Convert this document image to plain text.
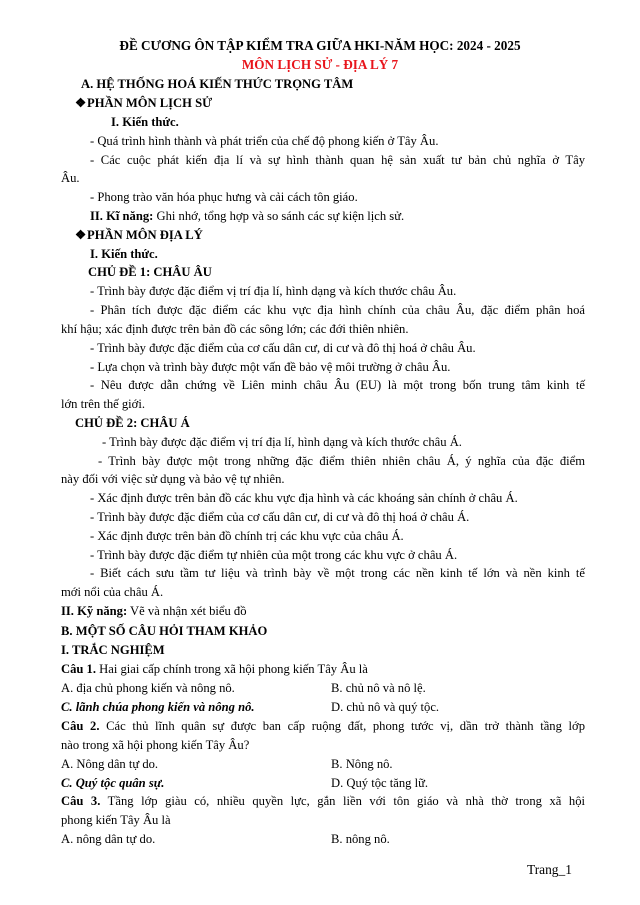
ĐỀ CƯƠNG ÔN TẬP KIỂM TRA GIỮA HKI-NĂM HỌC: 2024 - 2025
MÔN LỊCH SỬ - ĐỊA LÝ 7
A. HỆ THỐNG HOÁ KIẾN THỨC TRỌNG TÂM
❖PHẦN MÔN LỊCH SỬ
I. Kiến thức.
- Quá trình hình thành và phát triển của chế độ phong kiến ở Tây Âu.
- Các cuộc phát kiến địa lí và sự hình thành quan hệ sản xuất tư bản chủ nghĩa ở Tây
Âu.
- Phong trào văn hóa phục hưng và cải cách tôn giáo.
II. Kĩ năng: Ghi nhớ, tổng hợp và so sánh các sự kiện lịch sử.
❖PHẦN MÔN ĐỊA LÝ
I. Kiến thức.
CHỦ ĐỀ 1: CHÂU ÂU
- Trình bày được đặc điểm vị trí địa lí, hình dạng và kích thước châu Âu.
- Phân tích được đặc điểm các khu vực địa hình chính của châu Âu, đặc điểm phân hoá
khí hậu; xác định được trên bản đồ các sông lớn; các đới thiên nhiên.
- Trình bày được đặc điểm của cơ cấu dân cư, di cư và đô thị hoá ở châu Âu.
- Lựa chọn và trình bày được một vấn đề bảo vệ môi trường ở châu Âu.
- Nêu được dẫn chứng về Liên minh châu Âu (EU) là một trong bốn trung tâm kinh tế
lớn trên thế giới.
CHỦ ĐỀ 2: CHÂU Á
- Trình bày được đặc điểm vị trí địa lí, hình dạng và kích thước châu Á.
- Trình bày được một trong những đặc điểm thiên nhiên châu Á, ý nghĩa của đặc điểm
này đối với việc sử dụng và bảo vệ tự nhiên.
- Xác định được trên bản đồ các khu vực địa hình và các khoáng sản chính ở châu Á.
- Trình bày được đặc điểm của cơ cấu dân cư, di cư và đô thị hoá ở châu Á.
- Xác định được trên bản đồ chính trị các khu vực của châu Á.
- Trình bày được đặc điểm tự nhiên của một trong các khu vực ở châu Á.
- Biết cách sưu tầm tư liệu và trình bày về một trong các nền kinh tế lớn và nền kinh tế
mới nổi của châu Á.
II. Kỹ năng: Vẽ và nhận xét biểu đồ
B. MỘT SỐ CÂU HỎI THAM KHẢO
I. TRẮC NGHIỆM
Câu 1. Hai giai cấp chính trong xã hội phong kiến Tây Âu là
A. địa chủ phong kiến và nông nô.	B. chủ nô và nô lệ.
C. lãnh chúa phong kiến và nông nô.	D. chủ nô và quý tộc.
Câu 2. Các thủ lĩnh quân sự được ban cấp ruộng đất, phong tước vị, dần trở thành tầng lớp
nào trong xã hội phong kiến Tây Âu?
A. Nông dân tự do.	B. Nông nô.
C. Quý tộc quân sự.	D. Quý tộc tăng lữ.
Câu 3. Tầng lớp giàu có, nhiều quyền lực, gắn liền với tôn giáo và nhà thờ trong xã hội
phong kiến Tây Âu là
A. nông dân tự do.	B. nông nô.
Trang_1
